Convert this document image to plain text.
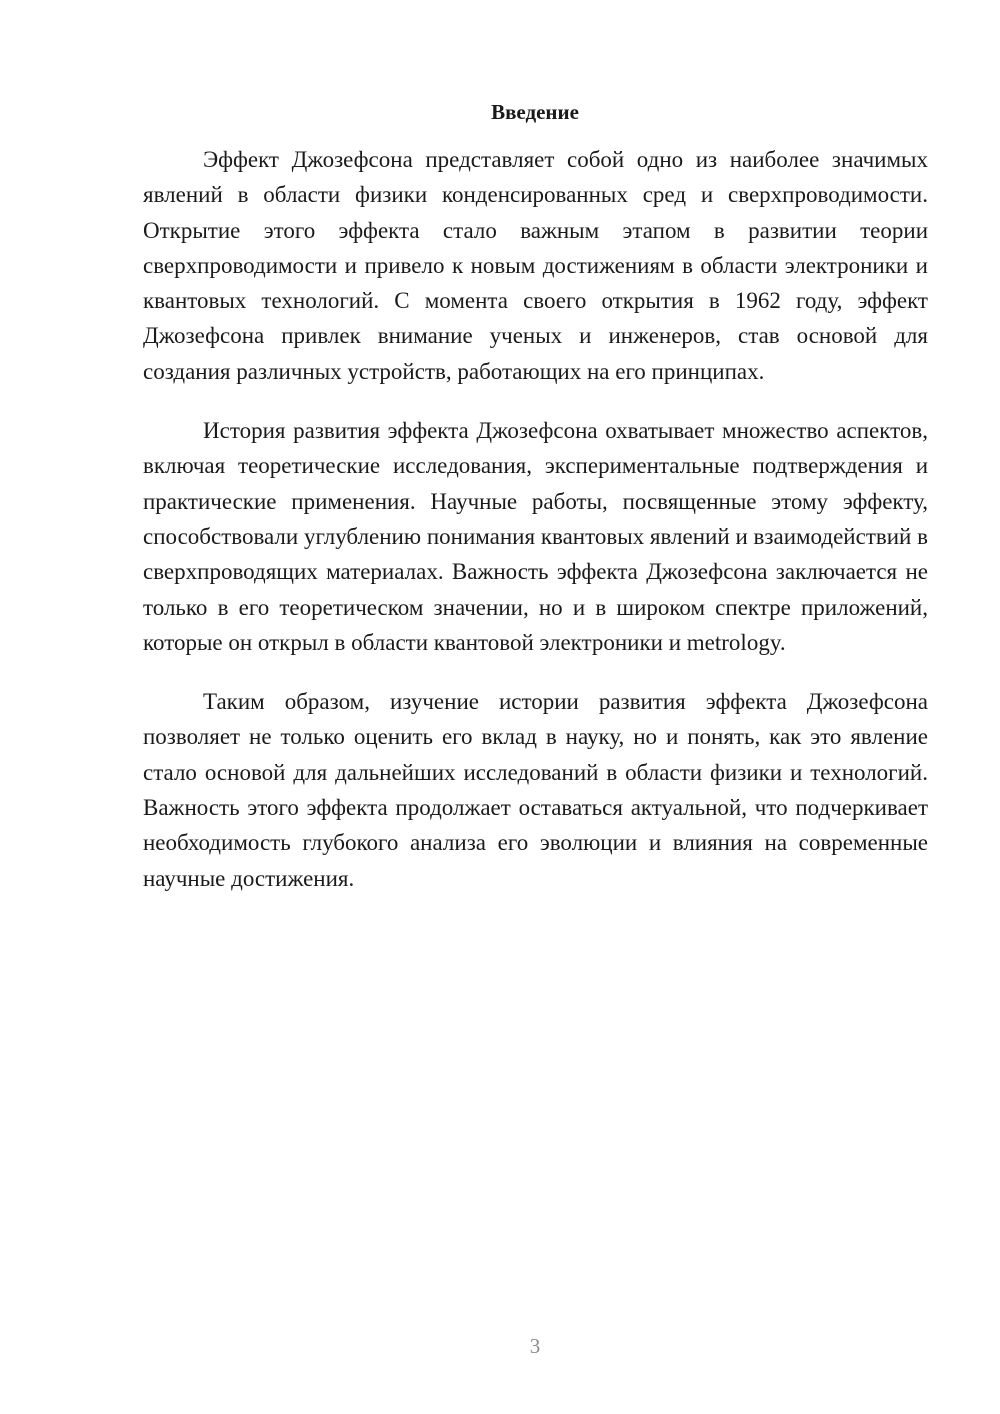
Введение

Эффект Джозефсона представляет собой одно из наиболее значимых явлений в области физики конденсированных сред и сверхпроводимости. Открытие этого эффекта стало важным этапом в развитии теории сверхпроводимости и привело к новым достижениям в области электроники и квантовых технологий. С момента своего открытия в 1962 году, эффект Джозефсона привлек внимание ученых и инженеров, став основой для создания различных устройств, работающих на его принципах.

История развития эффекта Джозефсона охватывает множество аспектов, включая теоретические исследования, экспериментальные подтверждения и практические применения. Научные работы, посвященные этому эффекту, способствовали углублению понимания квантовых явлений и взаимодействий в сверхпроводящих материалах. Важность эффекта Джозефсона заключается не только в его теоретическом значении, но и в широком спектре приложений, которые он открыл в области квантовой электроники и metrology.

Таким образом, изучение истории развития эффекта Джозефсона позволяет не только оценить его вклад в науку, но и понять, как это явление стало основой для дальнейших исследований в области физики и технологий. Важность этого эффекта продолжает оставаться актуальной, что подчеркивает необходимость глубокого анализа его эволюции и влияния на современные научные достижения.

3
